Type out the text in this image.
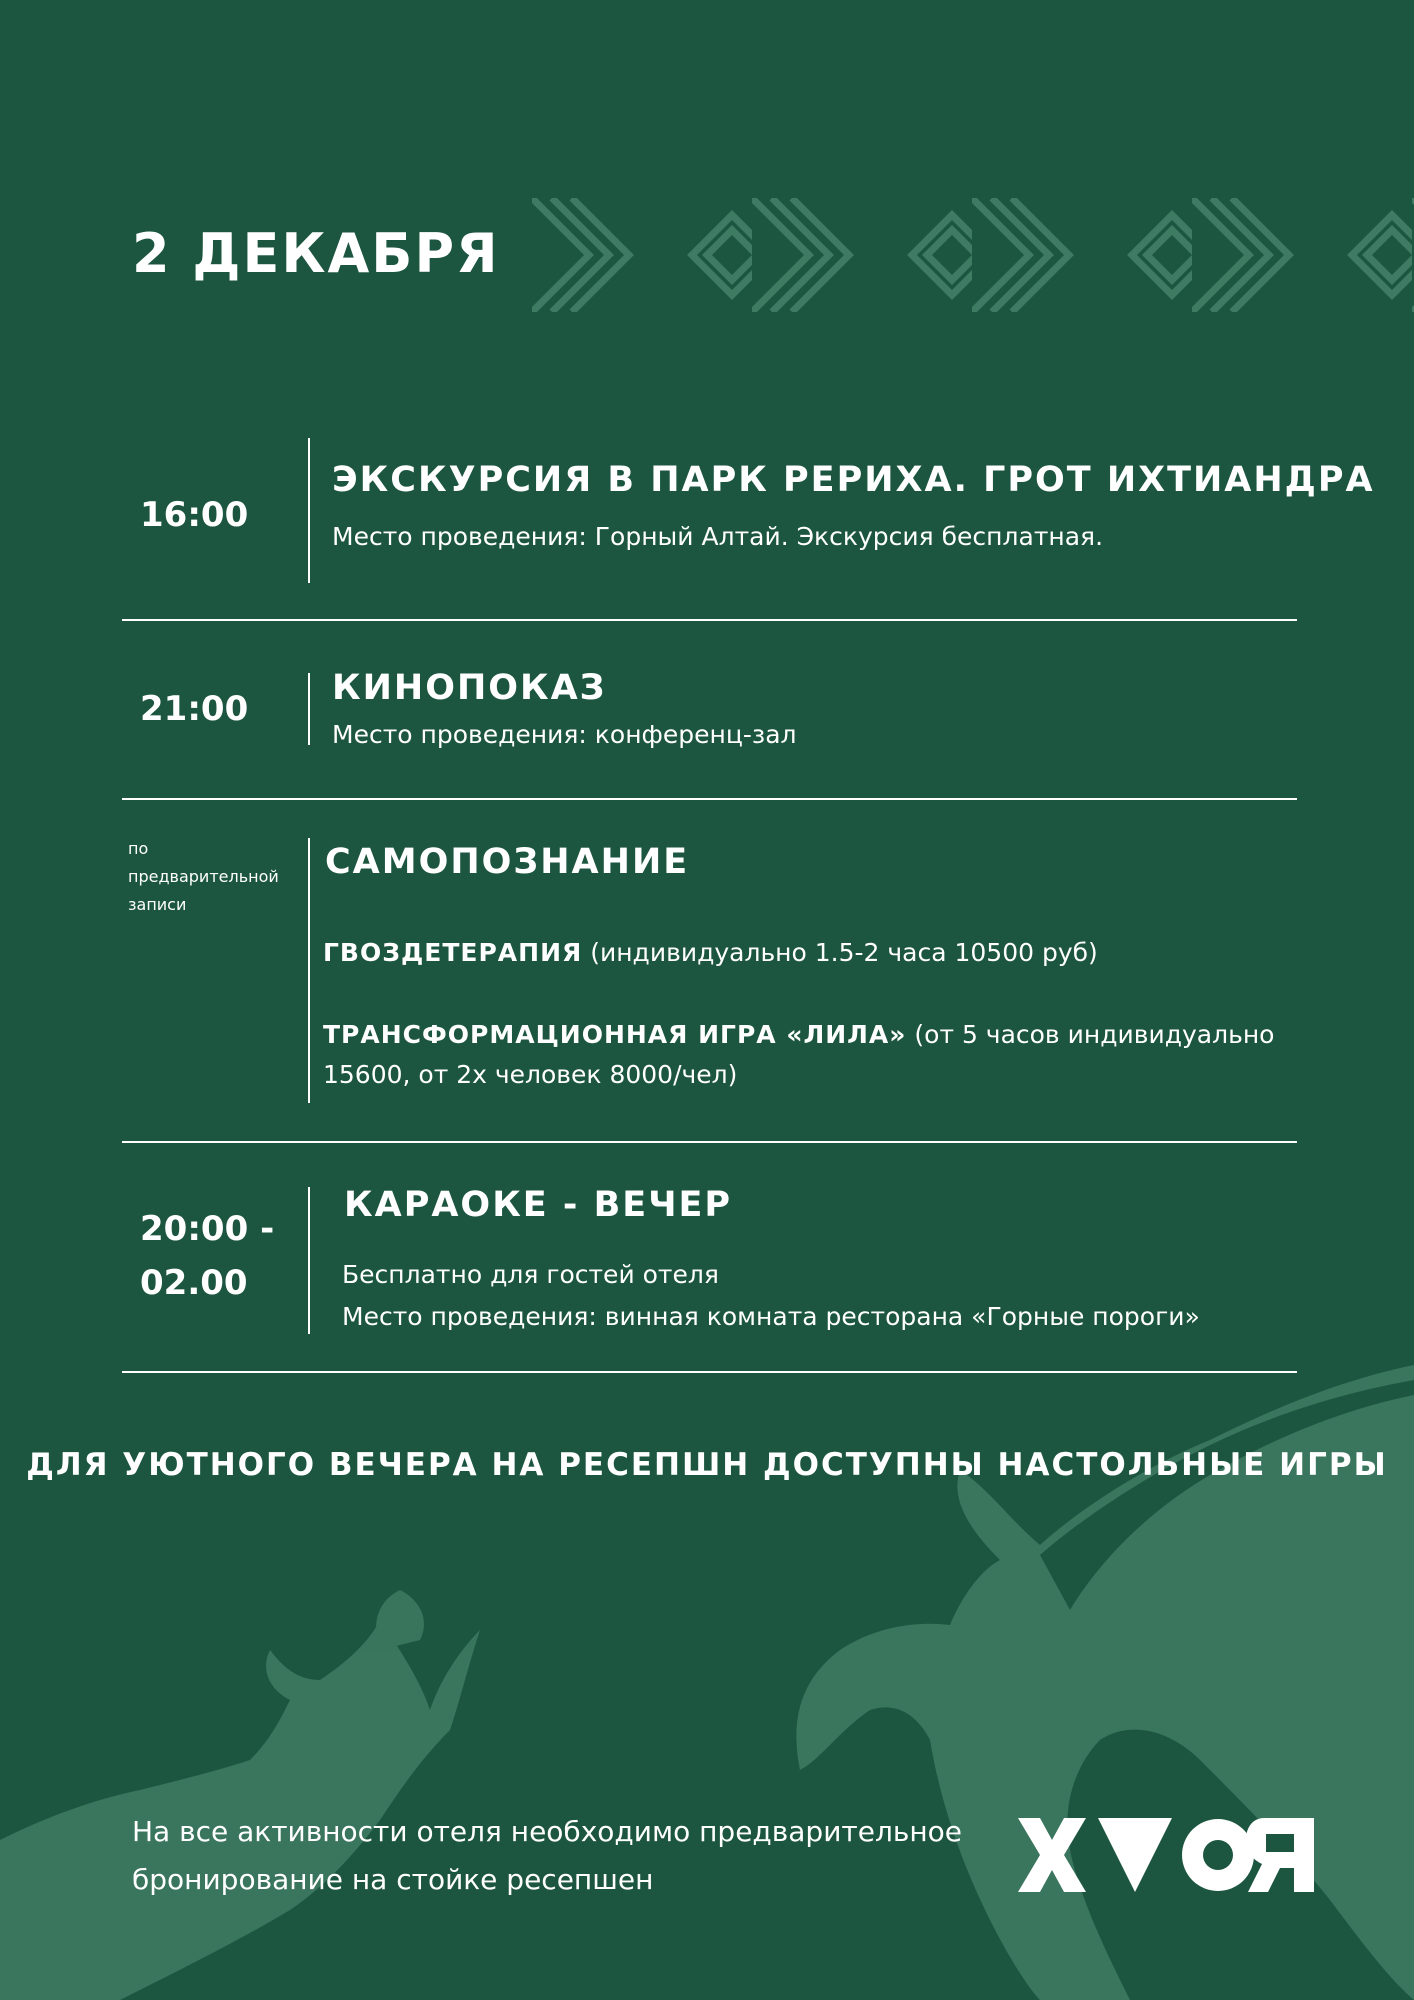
2 ДЕКАБРЯ
16:00
ЭКСКУРСИЯ В ПАРК РЕРИХА. ГРОТ ИХТИАНДРА
Место проведения: Горный Алтай. Экскурсия бесплатная.
21:00
КИНОПОКАЗ
Место проведения: конференц-зал
по
предварительной
записи
САМОПОЗНАНИЕ
ГВОЗДЕТЕРАПИЯ (индивидуально 1.5-2 часа 10500 руб)
ТРАНСФОРМАЦИОННАЯ ИГРА «ЛИЛА» (от 5 часов индивидуально 15600, от 2х человек 8000/чел)
20:00 -
02.00
КАРАОКЕ - ВЕЧЕР
Бесплатно для гостей отеля
Место проведения: винная комната ресторана «Горные пороги»
ДЛЯ УЮТНОГО ВЕЧЕРА НА РЕСЕПШН ДОСТУПНЫ НАСТОЛЬНЫЕ ИГРЫ
На все активности отеля необходимо предварительное
бронирование на стойке ресепшен
